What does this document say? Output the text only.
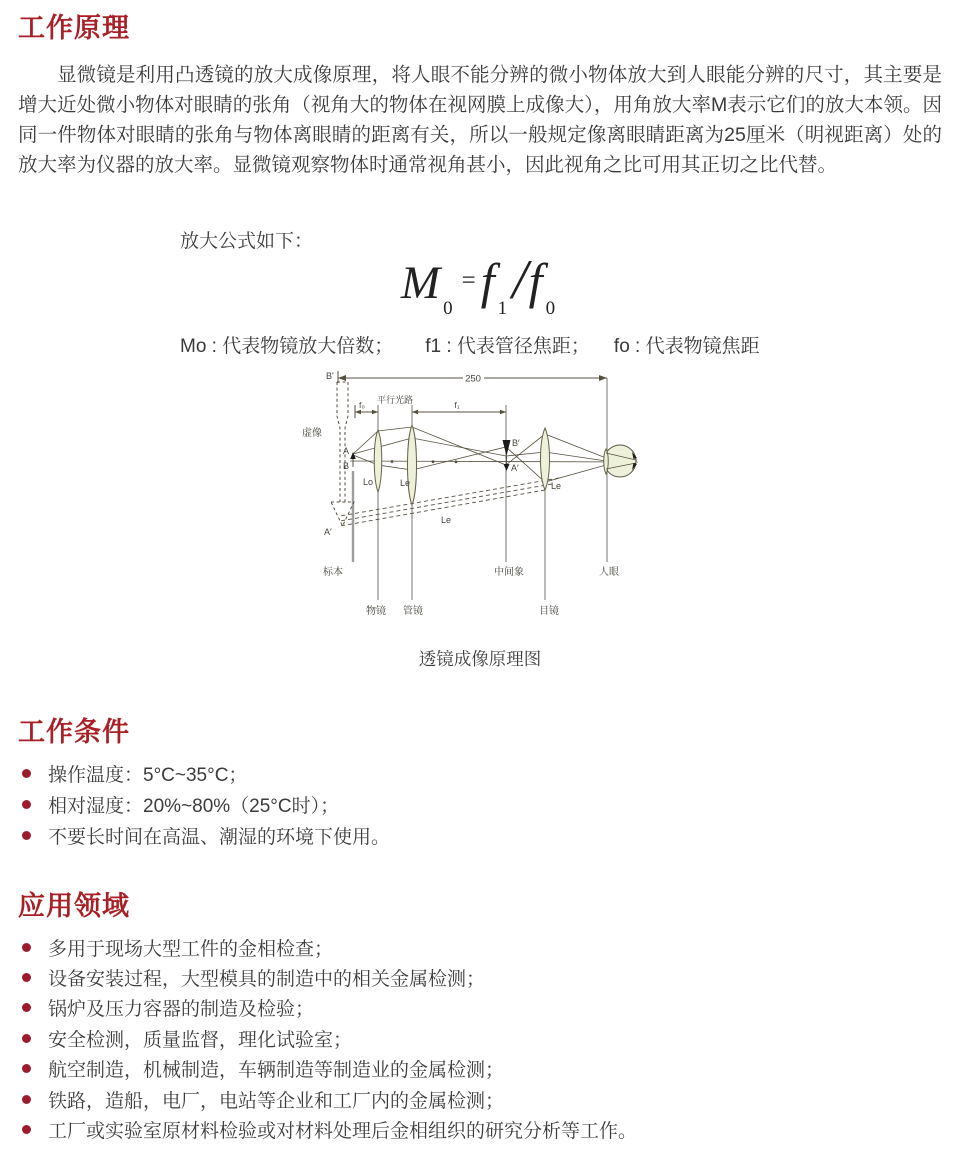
工作原理

显微镜是利用凸透镜的放大成像原理，将人眼不能分辨的微小物体放大到人眼能分辨的尺寸，其主要是增大近处微小物体对眼睛的张角（视角大的物体在视网膜上成像大），用角放大率M表示它们的放大本领。因同一件物体对眼睛的张角与物体离眼睛的距离有关，所以一般规定像离眼睛距离为25厘米（明视距离）处的放大率为仪器的放大率。显微镜观察物体时通常视角甚小，因此视角之比可用其正切之比代替。

放大公式如下：
M $_0$= f $_1$/f $_0$
Mo : 代表物镜放大倍数； f1 : 代表管径焦距； fo : 代表物镜焦距
250
B'
虚像
A′
f₀ 平行光路	f₁
Le
A
B
Lo	Le	Le
B′
A′
标本	中间象	人眼
物镜 管镜	目镜
透镜成像原理图
工作条件
操作温度：5°C~35°C；
相对湿度：20%~80%（25°C时）；
不要长时间在高温、潮湿的环境下使用。
应用领域
多用于现场大型工件的金相检查；
设备安装过程，大型模具的制造中的相关金属检测；
锅炉及压力容器的制造及检验；
安全检测，质量监督，理化试验室；
航空制造，机械制造，车辆制造等制造业的金属检测；
铁路，造船，电厂，电站等企业和工厂内的金属检测；
工厂或实验室原材料检验或对材料处理后金相组织的研究分析等工作。
